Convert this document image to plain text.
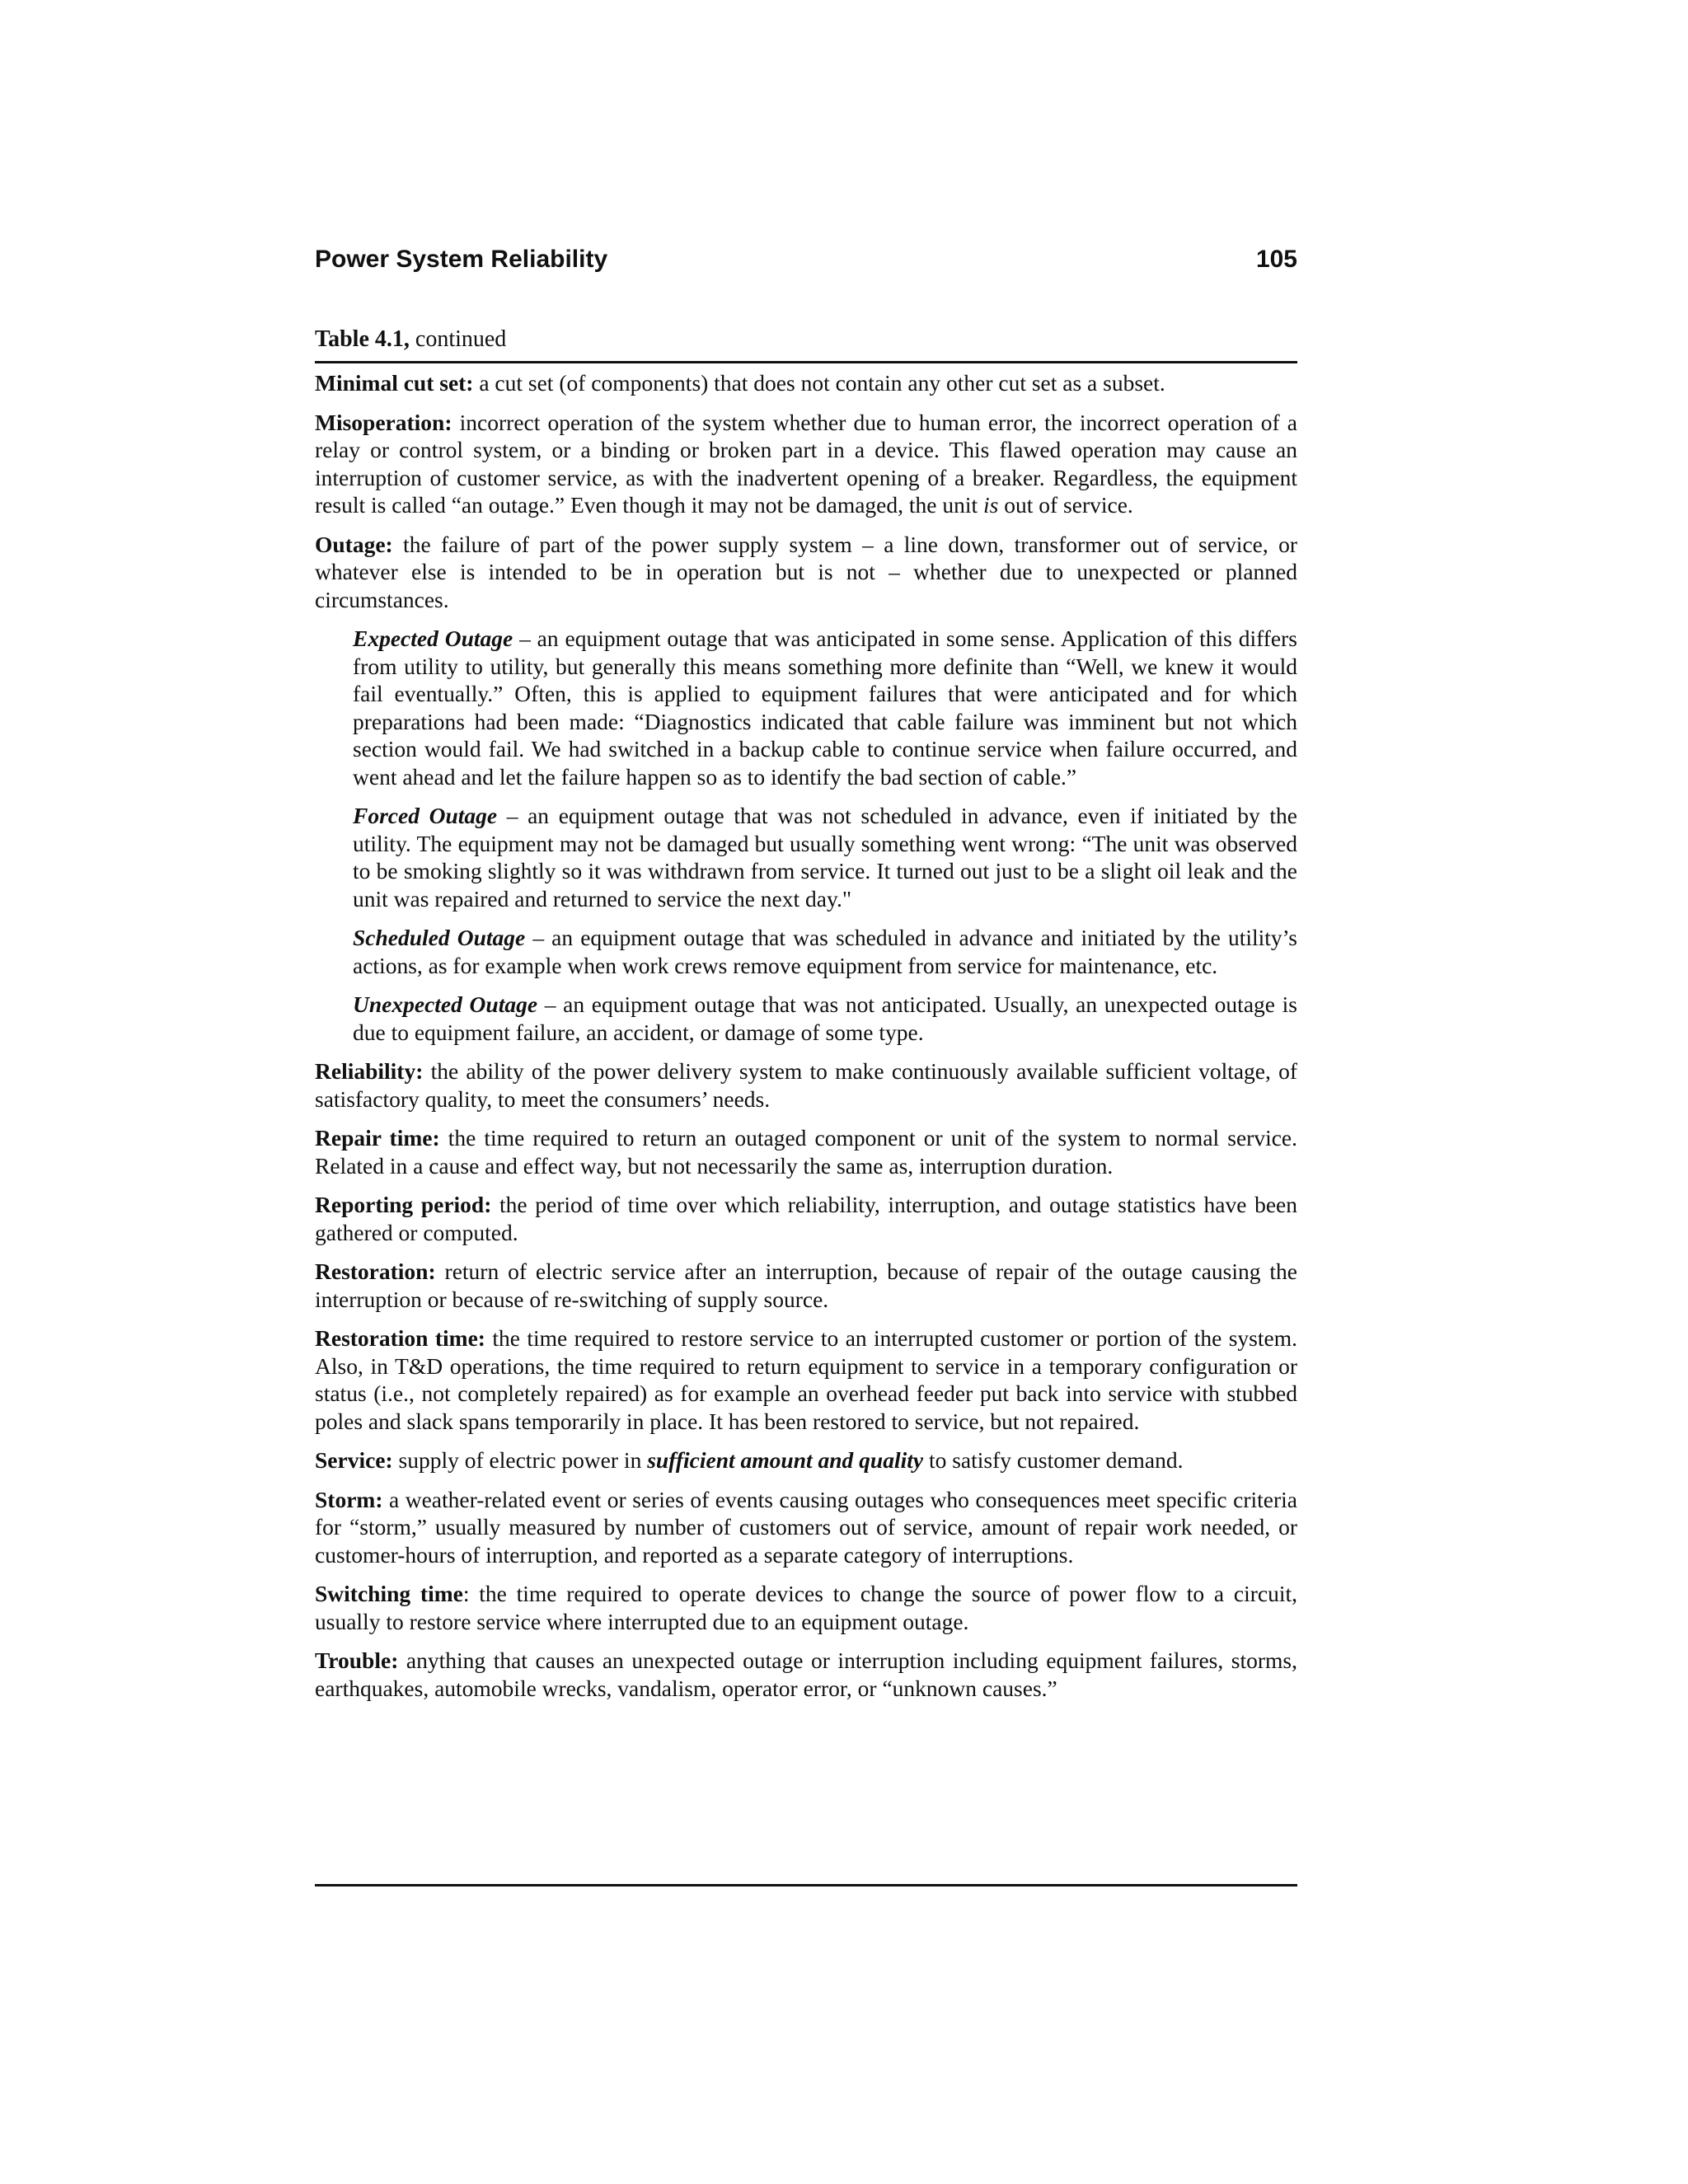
Power System Reliability	105
Table 4.1, continued

Minimal cut set: a cut set (of components) that does not contain any other cut set as a subset.

Misoperation: incorrect operation of the system whether due to human error, the incorrect operation of a relay or control system, or a binding or broken part in a device. This flawed operation may cause an interruption of customer service, as with the inadvertent opening of a breaker. Regardless, the equipment result is called “an outage.” Even though it may not be damaged, the unit is out of service.

Outage: the failure of part of the power supply system – a line down, transformer out of service, or whatever else is intended to be in operation but is not – whether due to unexpected or planned circumstances.

Expected Outage – an equipment outage that was anticipated in some sense. Application of this differs from utility to utility, but generally this means something more definite than “Well, we knew it would fail eventually.” Often, this is applied to equipment failures that were anticipated and for which preparations had been made: “Diagnostics indicated that cable failure was imminent but not which section would fail. We had switched in a backup cable to continue service when failure occurred, and went ahead and let the failure happen so as to identify the bad section of cable.”

Forced Outage – an equipment outage that was not scheduled in advance, even if initiated by the utility. The equipment may not be damaged but usually something went wrong: “The unit was observed to be smoking slightly so it was withdrawn from service. It turned out just to be a slight oil leak and the unit was repaired and returned to service the next day."

Scheduled Outage – an equipment outage that was scheduled in advance and initiated by the utility’s actions, as for example when work crews remove equipment from service for maintenance, etc.

Unexpected Outage – an equipment outage that was not anticipated. Usually, an unexpected outage is due to equipment failure, an accident, or damage of some type.

Reliability: the ability of the power delivery system to make continuously available sufficient voltage, of satisfactory quality, to meet the consumers’ needs.

Repair time: the time required to return an outaged component or unit of the system to normal service. Related in a cause and effect way, but not necessarily the same as, interruption duration.

Reporting period: the period of time over which reliability, interruption, and outage statistics have been gathered or computed.

Restoration: return of electric service after an interruption, because of repair of the outage causing the interruption or because of re-switching of supply source.

Restoration time: the time required to restore service to an interrupted customer or portion of the system. Also, in T&D operations, the time required to return equipment to service in a temporary configuration or status (i.e., not completely repaired) as for example an overhead feeder put back into service with stubbed poles and slack spans temporarily in place. It has been restored to service, but not repaired.

Service: supply of electric power in sufficient amount and quality to satisfy customer demand.

Storm: a weather-related event or series of events causing outages who consequences meet specific criteria for “storm,” usually measured by number of customers out of service, amount of repair work needed, or customer-hours of interruption, and reported as a separate category of interruptions.

Switching time: the time required to operate devices to change the source of power flow to a circuit, usually to restore service where interrupted due to an equipment outage.

Trouble: anything that causes an unexpected outage or interruption including equipment failures, storms, earthquakes, automobile wrecks, vandalism, operator error, or “unknown causes.”
